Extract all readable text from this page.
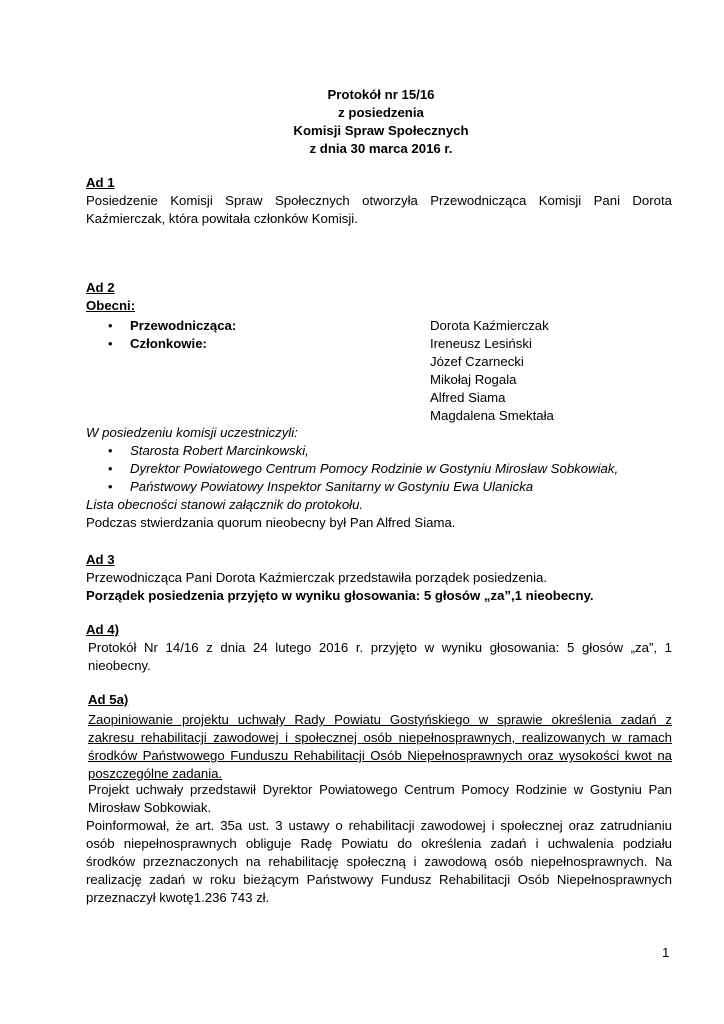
Protokół nr 15/16
z posiedzenia
Komisji Spraw Społecznych
z dnia 30 marca 2016 r.
Ad 1
Posiedzenie Komisji Spraw Społecznych otworzyła Przewodnicząca Komisji Pani Dorota
Kaźmierczak, która powitała członków Komisji.
Ad 2
Obecni:
• Przewodnicząca:	Dorota Kaźmierczak
• Członkowie:	Ireneusz Lesiński
Józef Czarnecki
Mikołaj Rogala
Alfred Siama
Magdalena Smektała
W posiedzeniu komisji uczestniczyli:
• Starosta Robert Marcinkowski,
• Dyrektor Powiatowego Centrum Pomocy Rodzinie w Gostyniu Mirosław Sobkowiak,
• Państwowy Powiatowy Inspektor Sanitarny w Gostyniu Ewa Ulanicka
Lista obecności stanowi załącznik do protokołu.
Podczas stwierdzania quorum nieobecny był Pan Alfred Siama.
Ad 3
Przewodnicząca Pani Dorota Kaźmierczak przedstawiła porządek posiedzenia.
Porządek posiedzenia przyjęto w wyniku głosowania: 5 głosów „za”,1 nieobecny.
Ad 4)
Protokół Nr 14/16 z dnia 24 lutego 2016 r. przyjęto w wyniku głosowania: 5 głosów „za”, 1
nieobecny.
Ad 5a)
Zaopiniowanie projektu uchwały Rady Powiatu Gostyńskiego w sprawie określenia zadań z
zakresu rehabilitacji zawodowej i społecznej osób niepełnosprawnych, realizowanych w ramach
środków Państwowego Funduszu Rehabilitacji Osób Niepełnosprawnych oraz wysokości kwot na
poszczególne zadania.
Projekt uchwały przedstawił Dyrektor Powiatowego Centrum Pomocy Rodzinie w Gostyniu Pan
Mirosław Sobkowiak.
Poinformował, że art. 35a ust. 3 ustawy o rehabilitacji zawodowej i społecznej oraz zatrudnianiu
osób niepełnosprawnych obliguje Radę Powiatu do określenia zadań i uchwalenia podziału
środków przeznaczonych na rehabilitację społeczną i zawodową osób niepełnosprawnych. Na
realizację zadań w roku bieżącym Państwowy Fundusz Rehabilitacji Osób Niepełnosprawnych
przeznaczył kwotę1.236 743 zł.
1
